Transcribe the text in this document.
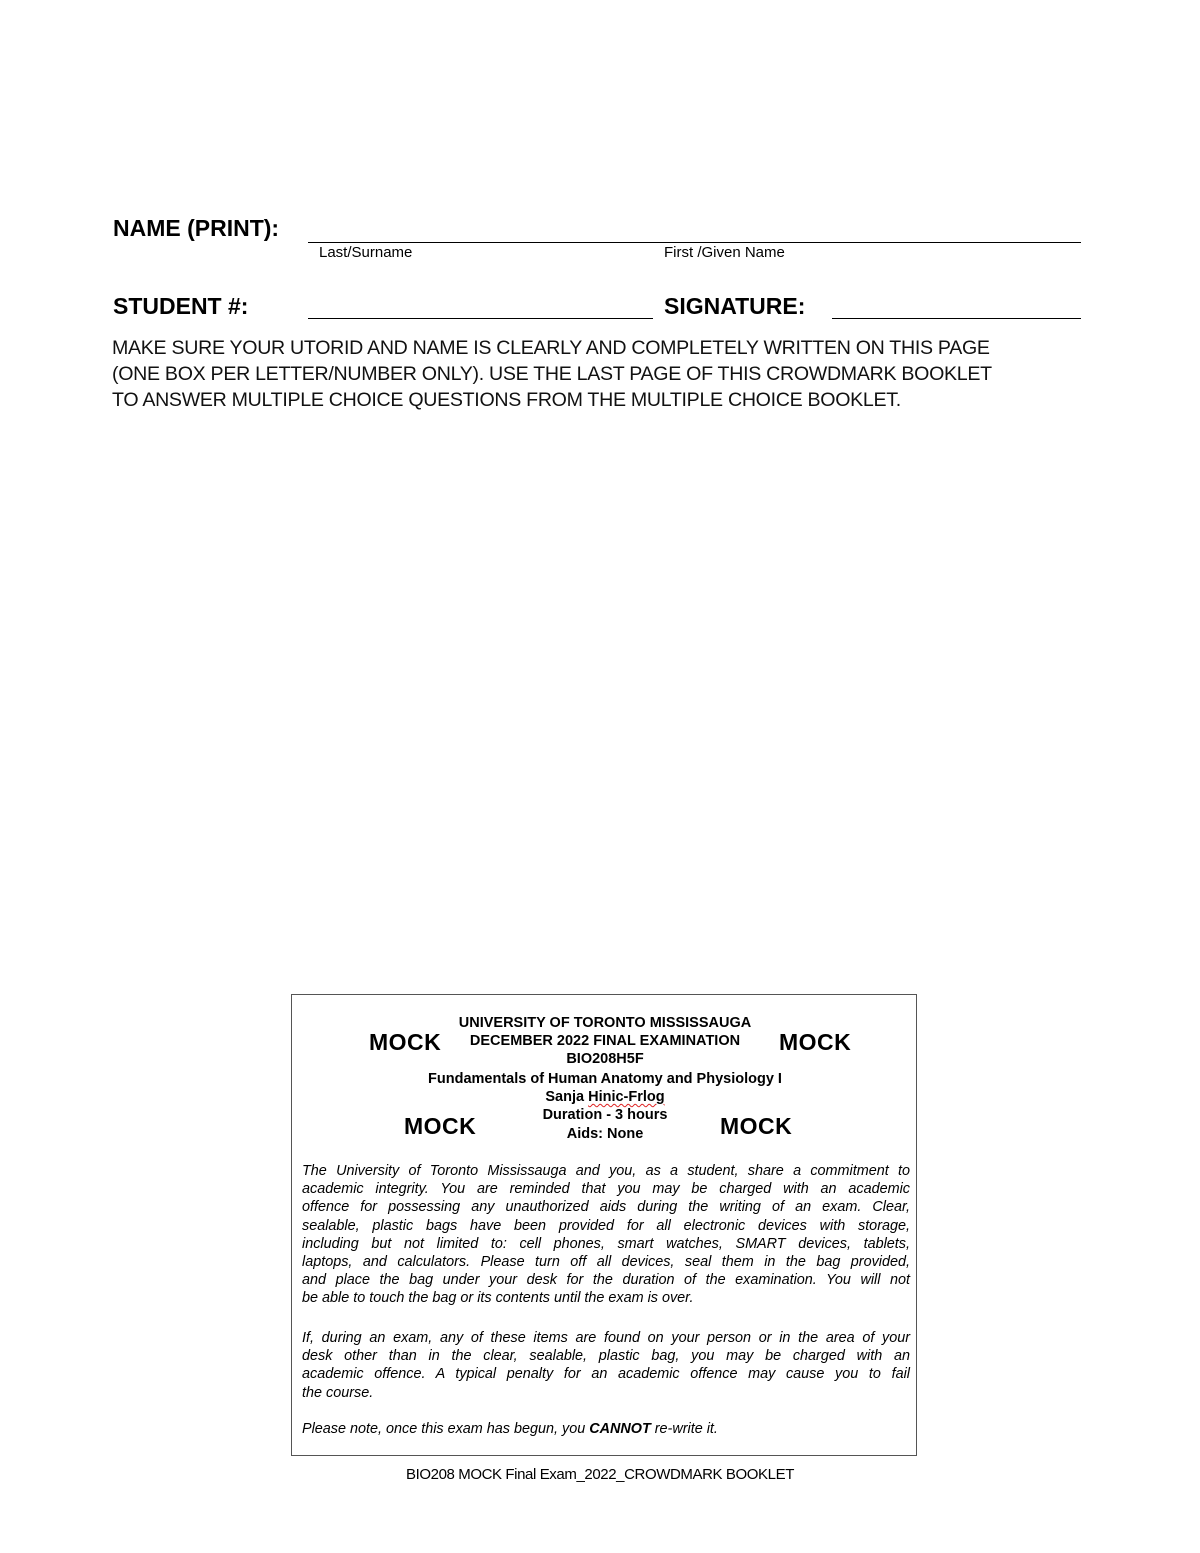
NAME (PRINT):
Last/Surname	First /Given Name
STUDENT #:	SIGNATURE:
MAKE SURE YOUR UTORID AND NAME IS CLEARLY AND COMPLETELY WRITTEN ON THIS PAGE
(ONE BOX PER LETTER/NUMBER ONLY). USE THE LAST PAGE OF THIS CROWDMARK BOOKLET
TO ANSWER MULTIPLE CHOICE QUESTIONS FROM THE MULTIPLE CHOICE BOOKLET.
UNIVERSITY OF TORONTO MISSISSAUGA
DECEMBER 2022 FINAL EXAMINATION
BIO208H5F
Fundamentals of Human Anatomy and Physiology I
Sanja Hinic-Frlog
Duration - 3 hours
Aids: None
MOCK	MOCK
MOCK	MOCK
The University of Toronto Mississauga and you, as a student, share a commitment to
academic integrity. You are reminded that you may be charged with an academic
offence for possessing any unauthorized aids during the writing of an exam. Clear,
sealable, plastic bags have been provided for all electronic devices with storage,
including but not limited to: cell phones, smart watches, SMART devices, tablets,
laptops, and calculators. Please turn off all devices, seal them in the bag provided,
and place the bag under your desk for the duration of the examination. You will not
be able to touch the bag or its contents until the exam is over.
If, during an exam, any of these items are found on your person or in the area of your
desk other than in the clear, sealable, plastic bag, you may be charged with an
academic offence. A typical penalty for an academic offence may cause you to fail
the course.
Please note, once this exam has begun, you CANNOT re-write it.
BIO208 MOCK Final Exam_2022_CROWDMARK BOOKLET
